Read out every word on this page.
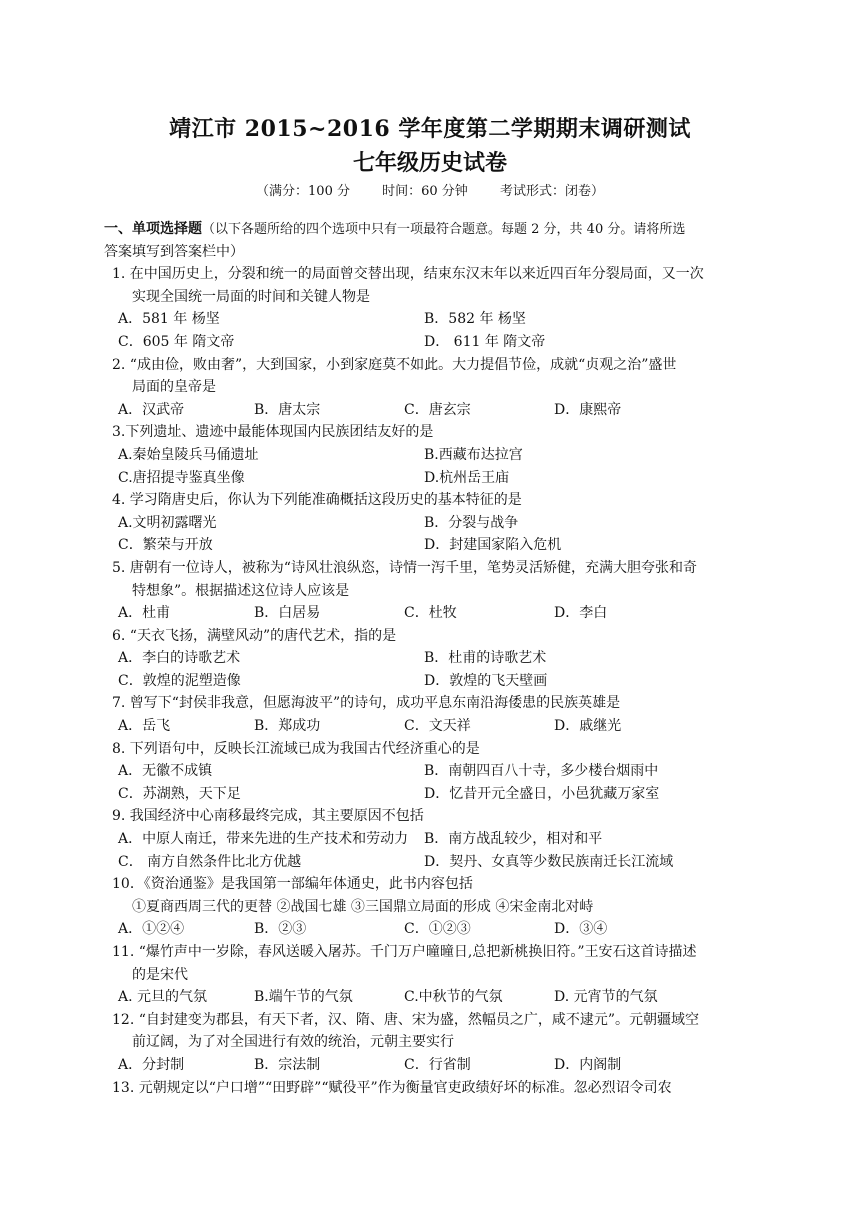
靖江市 2015~2016 学年度第二学期期末调研测试
七年级历史试卷
（满分：100 分 时间：60 分钟 考试形式：闭卷）
一、单项选择题（以下各题所给的四个选项中只有一项最符合题意。每题 2 分，共 40 分。请将所选
答案填写到答案栏中）
1. 在中国历史上，分裂和统一的局面曾交替出现，结束东汉末年以来近四百年分裂局面，又一次
实现全国统一局面的时间和关键人物是
A．581 年 杨坚	B．582 年 杨坚
C．605 年 隋文帝	D． 611 年 隋文帝
2. “成由俭，败由奢”，大到国家，小到家庭莫不如此。大力提倡节俭，成就“贞观之治”盛世
局面的皇帝是
A．汉武帝	B．唐太宗	C．唐玄宗	D．康熙帝
3.下列遗址、遗迹中最能体现国内民族团结友好的是
A.秦始皇陵兵马俑遗址	B.西藏布达拉宫
C.唐招提寺鉴真坐像	D.杭州岳王庙
4. 学习隋唐史后，你认为下列能准确概括这段历史的基本特征的是
A.文明初露曙光	B．分裂与战争
C．繁荣与开放	D．封建国家陷入危机
5. 唐朝有一位诗人，被称为“诗风壮浪纵恣，诗情一泻千里，笔势灵活矫健，充满大胆夸张和奇
特想象”。根据描述这位诗人应该是
A．杜甫	B．白居易	C．杜牧	D．李白
6. “天衣飞扬，满壁风动”的唐代艺术，指的是
A．李白的诗歌艺术	B．杜甫的诗歌艺术
C．敦煌的泥塑造像	D．敦煌的飞天壁画
7. 曾写下“封侯非我意，但愿海波平”的诗句，成功平息东南沿海倭患的民族英雄是
A．岳飞	B．郑成功	C．文天祥	D．戚继光
8. 下列语句中，反映长江流域已成为我国古代经济重心的是
A．无徽不成镇	B．南朝四百八十寺，多少楼台烟雨中
C．苏湖熟，天下足	D．忆昔开元全盛日，小邑犹藏万家室
9. 我国经济中心南移最终完成，其主要原因不包括
A．中原人南迁，带来先进的生产技术和劳动力 B．南方战乱较少，相对和平
C． 南方自然条件比北方优越	D．契丹、女真等少数民族南迁长江流域
10．《资治通鉴》是我国第一部编年体通史，此书内容包括
①夏商西周三代的更替 ②战国七雄 ③三国鼎立局面的形成 ④宋金南北对峙
A．①②④	B．②③	C．①②③	D．③④
11. “爆竹声中一岁除，春风送暖入屠苏。千门万户曈曈日,总把新桃换旧符。”王安石这首诗描述
的是宋代
A. 元旦的气氛	B.端午节的气氛	C.中秋节的气氛	D. 元宵节的气氛
12. “自封建变为郡县，有天下者，汉、隋、唐、宋为盛，然幅员之广，咸不逮元”。元朝疆域空
前辽阔，为了对全国进行有效的统治，元朝主要实行
A．分封制	B．宗法制	C．行省制	D．内阁制
13. 元朝规定以“户口增”“田野辟”“赋役平”作为衡量官吏政绩好坏的标准。忽必烈诏令司农
